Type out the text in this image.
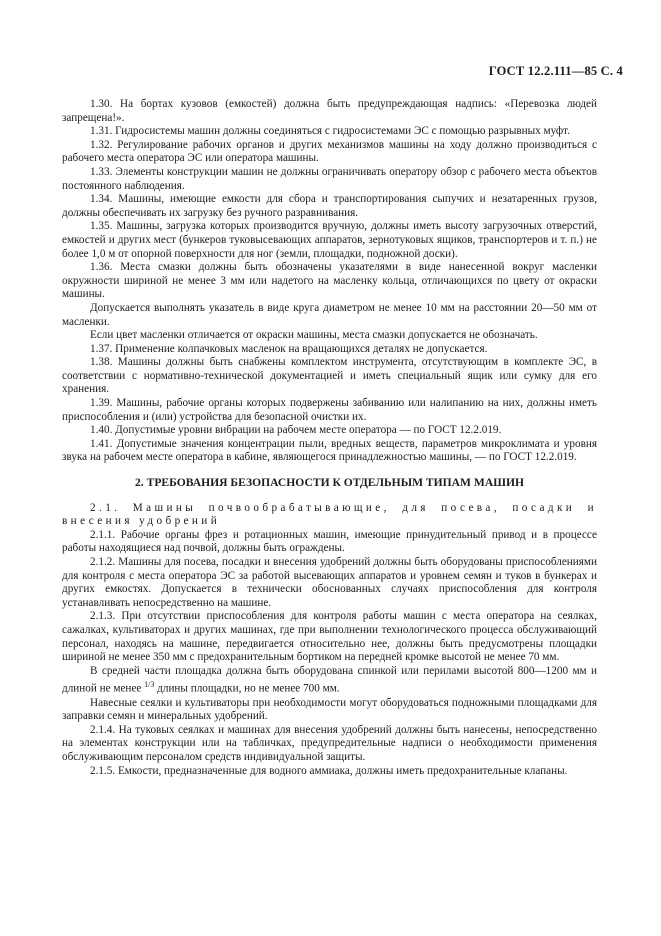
ГОСТ 12.2.111—85 С. 4

1.30. На бортах кузовов (емкостей) должна быть предупреждающая надпись: «Перевозка людей запрещена!».

1.31. Гидросистемы машин должны соединяться с гидросистемами ЭС с помощью разрывных муфт.

1.32. Регулирование рабочих органов и других механизмов машины на ходу должно производиться с рабочего места оператора ЭС или оператора машины.

1.33. Элементы конструкции машин не должны ограничивать оператору обзор с рабочего места объектов постоянного наблюдения.

1.34. Машины, имеющие емкости для сбора и транспортирования сыпучих и незатаренных грузов, должны обеспечивать их загрузку без ручного разравнивания.

1.35. Машины, загрузка которых производится вручную, должны иметь высоту загрузочных отверстий, емкостей и других мест (бункеров туковысевающих аппаратов, зернотуковых ящиков, транспортеров и т. п.) не более 1,0 м от опорной поверхности для ног (земли, площадки, подножной доски).

1.36. Места смазки должны быть обозначены указателями в виде нанесенной вокруг масленки окружности шириной не менее 3 мм или надетого на масленку кольца, отличающихся по цвету от окраски машины.

Допускается выполнять указатель в виде круга диаметром не менее 10 мм на расстоянии 20—50 мм от масленки.

Если цвет масленки отличается от окраски машины, места смазки допускается не обозначать.

1.37. Применение колпачковых масленок на вращающихся деталях не допускается.

1.38. Машины должны быть снабжены комплектом инструмента, отсутствующим в комплекте ЭС, в соответствии с нормативно-технической документацией и иметь специальный ящик или сумку для его хранения.

1.39. Машины, рабочие органы которых подвержены забиванию или налипанию на них, должны иметь приспособления и (или) устройства для безопасной очистки их.

1.40. Допустимые уровни вибрации на рабочем месте оператора — по ГОСТ 12.2.019.

1.41. Допустимые значения концентрации пыли, вредных веществ, параметров микроклимата и уровня звука на рабочем месте оператора в кабине, являющегося принадлежностью машины, — по ГОСТ 12.2.019.

2. ТРЕБОВАНИЯ БЕЗОПАСНОСТИ К ОТДЕЛЬНЫМ ТИПАМ МАШИН

2.1. Машины почвообрабатывающие, для посева, посадки и внесения удобрений

2.1.1. Рабочие органы фрез и ротационных машин, имеющие принудительный привод и в процессе работы находящиеся над почвой, должны быть ограждены.

2.1.2. Машины для посева, посадки и внесения удобрений должны быть оборудованы приспособлениями для контроля с места оператора ЭС за работой высевающих аппаратов и уровнем семян и туков в бункерах и других емкостях. Допускается в технически обоснованных случаях приспособления для контроля устанавливать непосредственно на машине.

2.1.3. При отсутствии приспособления для контроля работы машин с места оператора на сеялках, сажалках, культиваторах и других машинах, где при выполнении технологического процесса обслуживающий персонал, находясь на машине, передвигается относительно нее, должны быть предусмотрены площадки шириной не менее 350 мм с предохранительным бортиком на передней кромке высотой не менее 70 мм.

В средней части площадка должна быть оборудована спинкой или перилами высотой 800—1200 мм и длиной не менее $^{1/3}$ длины площадки, но не менее 700 мм.

Навесные сеялки и культиваторы при необходимости могут оборудоваться подножными площадками для заправки семян и минеральных удобрений.

2.1.4. На туковых сеялках и машинах для внесения удобрений должны быть нанесены, непосредственно на элементах конструкции или на табличках, предупредительные надписи о необходимости применения обслуживающим персоналом средств индивидуальной защиты.

2.1.5. Емкости, предназначенные для водного аммиака, должны иметь предохранительные клапаны.
